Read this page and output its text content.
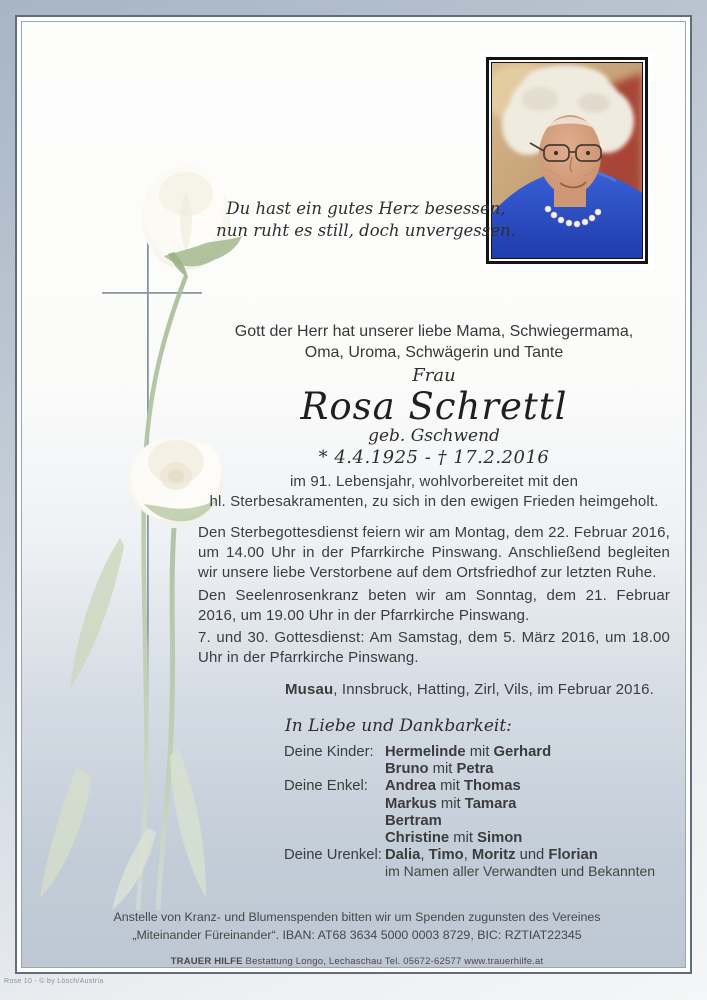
Du hast ein gutes Herz besessen,
nun ruht es still, doch unvergessen.
Gott der Herr hat unserer liebe Mama, Schwiegermama,
Oma, Uroma, Schwägerin und Tante
Frau
Rosa Schrettl
geb. Gschwend
* 4.4.1925 - † 17.2.2016
im 91. Lebensjahr, wohlvorbereitet mit den
hl. Sterbesakramenten, zu sich in den ewigen Frieden heimgeholt.
Den Sterbegottesdienst feiern wir am Montag, dem 22. Februar 2016, um 14.00 Uhr in der Pfarrkirche Pinswang. Anschließend begleiten wir unsere liebe Verstorbene auf dem Ortsfriedhof zur letzten Ruhe.
Den Seelenrosenkranz beten wir am Sonntag, dem 21. Februar 2016, um 19.00 Uhr in der Pfarrkirche Pinswang.
7. und 30. Gottesdienst: Am Samstag, dem 5. März 2016, um 18.00 Uhr in der Pfarrkirche Pinswang.
Musau, Innsbruck, Hatting, Zirl, Vils, im Februar 2016.
In Liebe und Dankbarkeit:
Deine Kinder: Hermelinde mit Gerhard
Bruno mit Petra
Deine Enkel: Andrea mit Thomas
Markus mit Tamara
Bertram
Christine mit Simon
Deine Urenkel: Dalia, Timo, Moritz und Florian
im Namen aller Verwandten und Bekannten
Anstelle von Kranz- und Blumenspenden bitten wir um Spenden zugunsten des Vereines
„Miteinander Füreinander“. IBAN: AT68 3634 5000 0003 8729, BIC: RZTIAT22345
TRAUER HILFE Bestattung Longo, Lechaschau Tel. 05672-62577 www.trauerhilfe.at
Rose 10 - © by Lösch/Austria
